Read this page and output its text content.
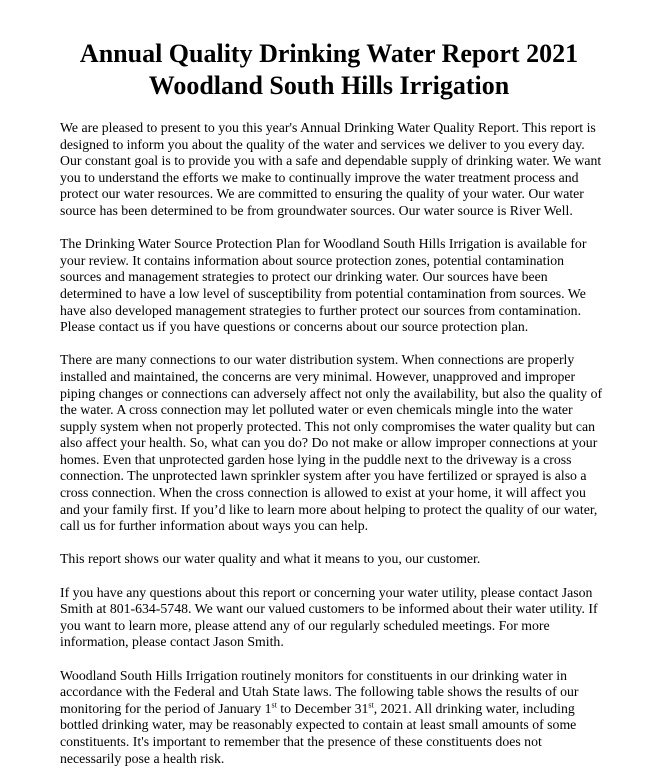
Annual Quality Drinking Water Report 2021
Woodland South Hills Irrigation

We are pleased to present to you this year's Annual Drinking Water Quality Report. This report is designed to inform you about the quality of the water and services we deliver to you every day. Our constant goal is to provide you with a safe and dependable supply of drinking water. We want you to understand the efforts we make to continually improve the water treatment process and protect our water resources. We are committed to ensuring the quality of your water. Our water source has been determined to be from groundwater sources. Our water source is River Well.

The Drinking Water Source Protection Plan for Woodland South Hills Irrigation is available for your review. It contains information about source protection zones, potential contamination sources and management strategies to protect our drinking water. Our sources have been determined to have a low level of susceptibility from potential contamination from sources. We have also developed management strategies to further protect our sources from contamination. Please contact us if you have questions or concerns about our source protection plan.

There are many connections to our water distribution system. When connections are properly installed and maintained, the concerns are very minimal. However, unapproved and improper piping changes or connections can adversely affect not only the availability, but also the quality of the water. A cross connection may let polluted water or even chemicals mingle into the water supply system when not properly protected. This not only compromises the water quality but can also affect your health. So, what can you do? Do not make or allow improper connections at your homes. Even that unprotected garden hose lying in the puddle next to the driveway is a cross connection. The unprotected lawn sprinkler system after you have fertilized or sprayed is also a cross connection. When the cross connection is allowed to exist at your home, it will affect you and your family first. If you’d like to learn more about helping to protect the quality of our water, call us for further information about ways you can help.

This report shows our water quality and what it means to you, our customer.

If you have any questions about this report or concerning your water utility, please contact Jason Smith at 801-634-5748. We want our valued customers to be informed about their water utility. If you want to learn more, please attend any of our regularly scheduled meetings. For more information, please contact Jason Smith.

Woodland South Hills Irrigation routinely monitors for constituents in our drinking water in accordance with the Federal and Utah State laws. The following table shows the results of our monitoring for the period of January 1st to December 31st, 2021. All drinking water, including bottled drinking water, may be reasonably expected to contain at least small amounts of some constituents. It's important to remember that the presence of these constituents does not necessarily pose a health risk.
